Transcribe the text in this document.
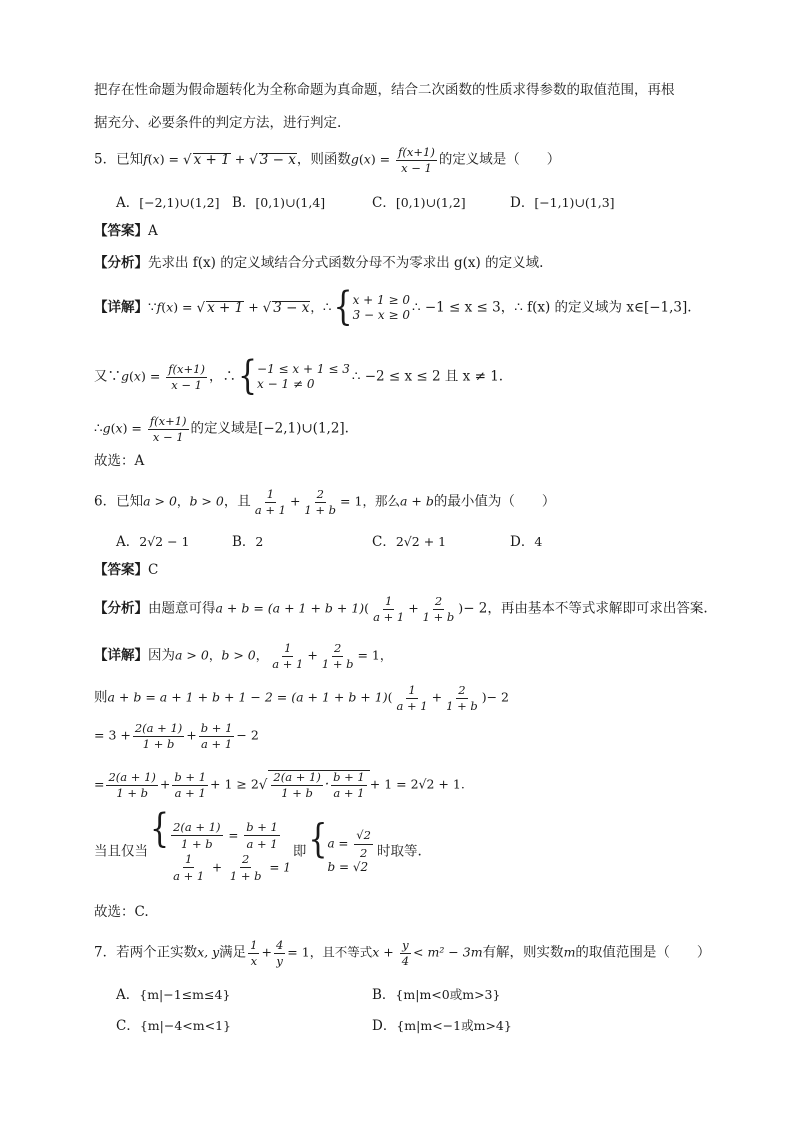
把存在性命题为假命题转化为全称命题为真命题，结合二次函数的性质求得参数的取值范围，再根
据充分、必要条件的判定方法，进行判定.
5．已知f(x) = √ x + 1 + √ 3 − x，则函数$g(x) = \frac{f(x+1)}{x - 1}$ 的定义域是（　　）
A．[−2,1)∪(1,2] B．[0,1)∪(1,4]	C．[0,1)∪(1,2]	D．[−1,1)∪(1,3]
【答案】A
【分析】先求出 f(x) 的定义域结合分式函数分母不为零求出 g(x) 的定义域.
【详解】∵f(x) = √ x + 1 + √ 3 − x，∴ { x + 1 ≥ 0
3 − x ≥ 0 ∴ −1 ≤ x ≤ 3，∴ f(x) 的定义域为 x∈[−1,3].
又∵g(x) = $\frac{f(x+1)}{x - 1}$ ，∴ { −1 ≤ x + 1 ≤ 3
x − 1 ≠ 0	∴ −2 ≤ x ≤ 2 且 x ≠ 1.
∴g(x) = $\frac{f(x+1)}{x - 1}$ 的定义域是[−2,1)∪(1,2].
故选：A
6．已知a > 0，b > 0，且 $\frac{1}{a + 1} + \frac{2}{1 + b} = 1$，那么a + b的最小值为（　　）
A．2√2 − 1	B．2	C．2√2 + 1	D．4
【答案】C
【分析】由题意可得$a + b = (a + 1 + b + 1)( \frac{1}{a + 1} + \frac{2}{1 + b}$ )− 2，再由基本不等式求解即可求出答案.
【详解】因为a > 0，b > 0， $\frac{1}{a + 1} + \frac{2}{1 + b} = 1$，
则$a + b = a + 1 + b + 1 - 2 = (a + 1 + b + 1)( \frac{1}{a + 1} + \frac{2}{1 + b}$ )− 2
= $3 + \frac{2(a + 1)}{1 + b} + \frac{b + 1}{a + 1} - 2$
= $\frac{2(a + 1)}{1 + b} + \frac{b + 1}{a + 1} + 1 \ge 2√ \frac{2(a + 1)}{1 + b} \cdot \frac{b + 1}{a + 1} + 1 = 2√2 + 1$.
当且仅当 { $\frac{2(a + 1)}{1 + b} = \frac{b + 1}{a + 1}$
$\frac{1}{a + 1} + \frac{2}{1 + b} = 1$
即 { $a = \frac{√2}{2}$
b = √2
时取等.
故选：C.
7．若两个正实数x, y满足 $\frac{1}{x} + \frac{4}{y} = 1$，且不等式$x + \frac{y}{4} < m^2 - 3m$有解，则实数m的取值范围是（　　）
A．{m|−1≤m≤4}	B．{m|m<0或m>3}
C．{m|−4<m<1}	D．{m|m<−1或m>4}
